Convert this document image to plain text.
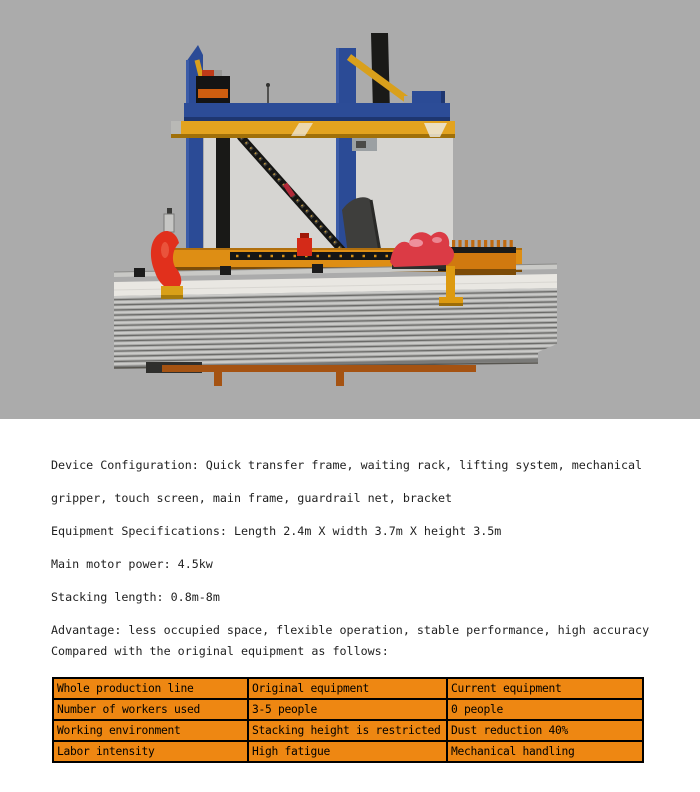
Device Configuration: Quick transfer frame, waiting rack, lifting system, mechanical
gripper, touch screen, main frame, guardrail net, bracket
Equipment Specifications: Length 2.4m X width 3.7m X height 3.5m
Main motor power: 4.5kw
Stacking length: 0.8m-8m
Advantage: less occupied space, flexible operation, stable performance, high accuracy
Compared with the original equipment as follows:
Whole production line	Original equipment	Current equipment
Number of workers used	3-5 people	0 people
Working environment	Stacking height is restricted	Dust reduction 40%
Labor intensity	High fatigue	Mechanical handling
